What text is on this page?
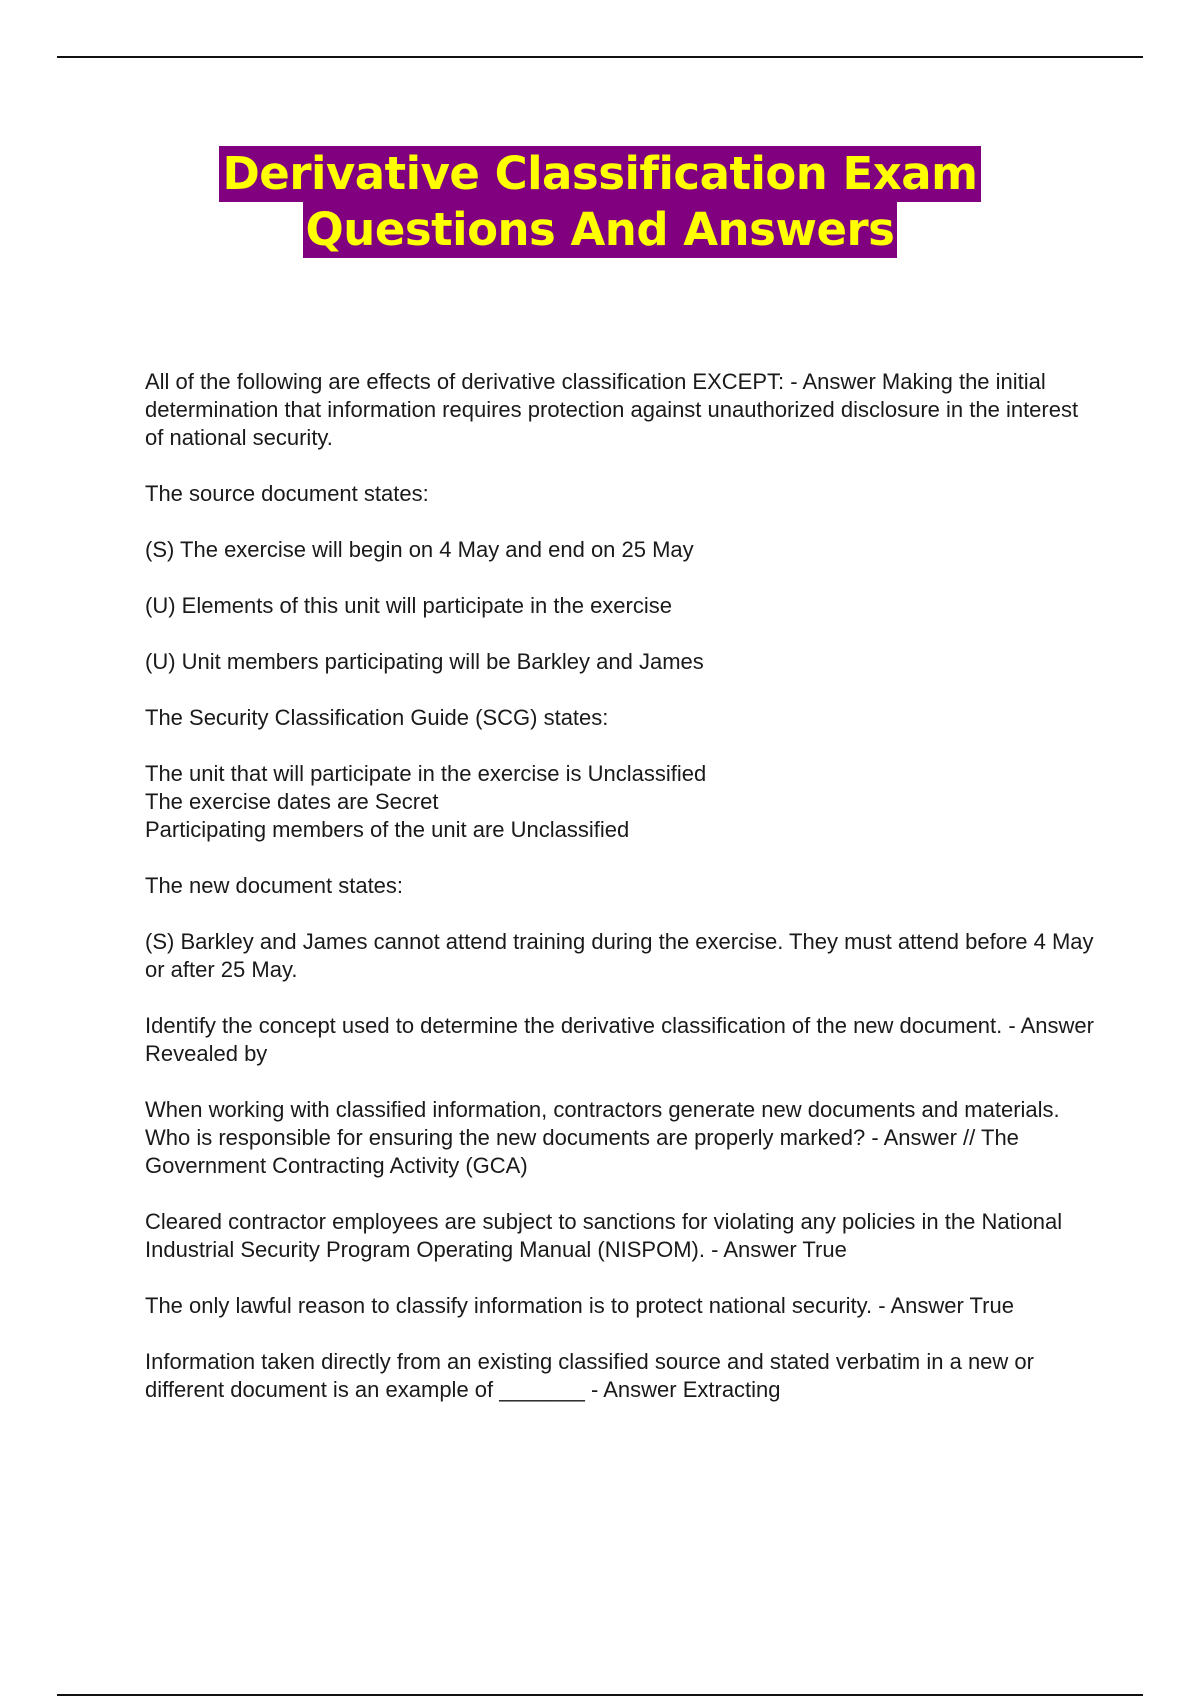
Derivative Classification Exam
Questions And Answers

All of the following are effects of derivative classification EXCEPT: - Answer Making the initial determination that information requires protection against unauthorized disclosure in the interest of national security.

The source document states:

(S) The exercise will begin on 4 May and end on 25 May

(U) Elements of this unit will participate in the exercise

(U) Unit members participating will be Barkley and James

The Security Classification Guide (SCG) states:

The unit that will participate in the exercise is Unclassified

The exercise dates are Secret

Participating members of the unit are Unclassified

The new document states:

(S) Barkley and James cannot attend training during the exercise. They must attend before 4 May or after 25 May.

Identify the concept used to determine the derivative classification of the new document. - Answer Revealed by

When working with classified information, contractors generate new documents and materials. Who is responsible for ensuring the new documents are properly marked? - Answer // The Government Contracting Activity (GCA)

Cleared contractor employees are subject to sanctions for violating any policies in the National Industrial Security Program Operating Manual (NISPOM). - Answer True

The only lawful reason to classify information is to protect national security. - Answer True

Information taken directly from an existing classified source and stated verbatim in a new or different document is an example of _______ - Answer Extracting
